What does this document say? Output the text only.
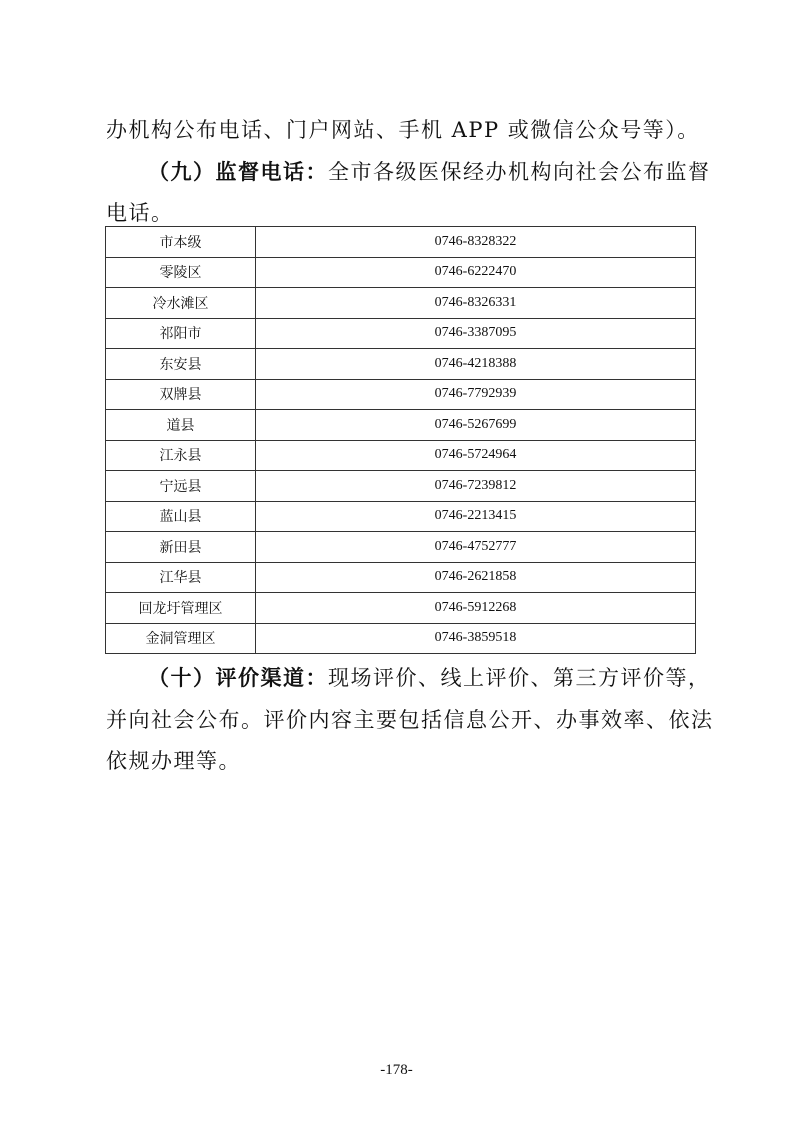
办机构公布电话、门户网站、手机 APP 或微信公众号等）。
（九）监督电话：全市各级医保经办机构向社会公布监督
电话。
市本级	0746-8328322
零陵区	0746-6222470
冷水滩区	0746-8326331
祁阳市	0746-3387095
东安县	0746-4218388
双牌县	0746-7792939
道县	0746-5267699
江永县	0746-5724964
宁远县	0746-7239812
蓝山县	0746-2213415
新田县	0746-4752777
江华县	0746-2621858
回龙圩管理区	0746-5912268
金洞管理区	0746-3859518
（十）评价渠道：现场评价、线上评价、第三方评价等，
并向社会公布。评价内容主要包括信息公开、办事效率、依法
依规办理等。
-178-
